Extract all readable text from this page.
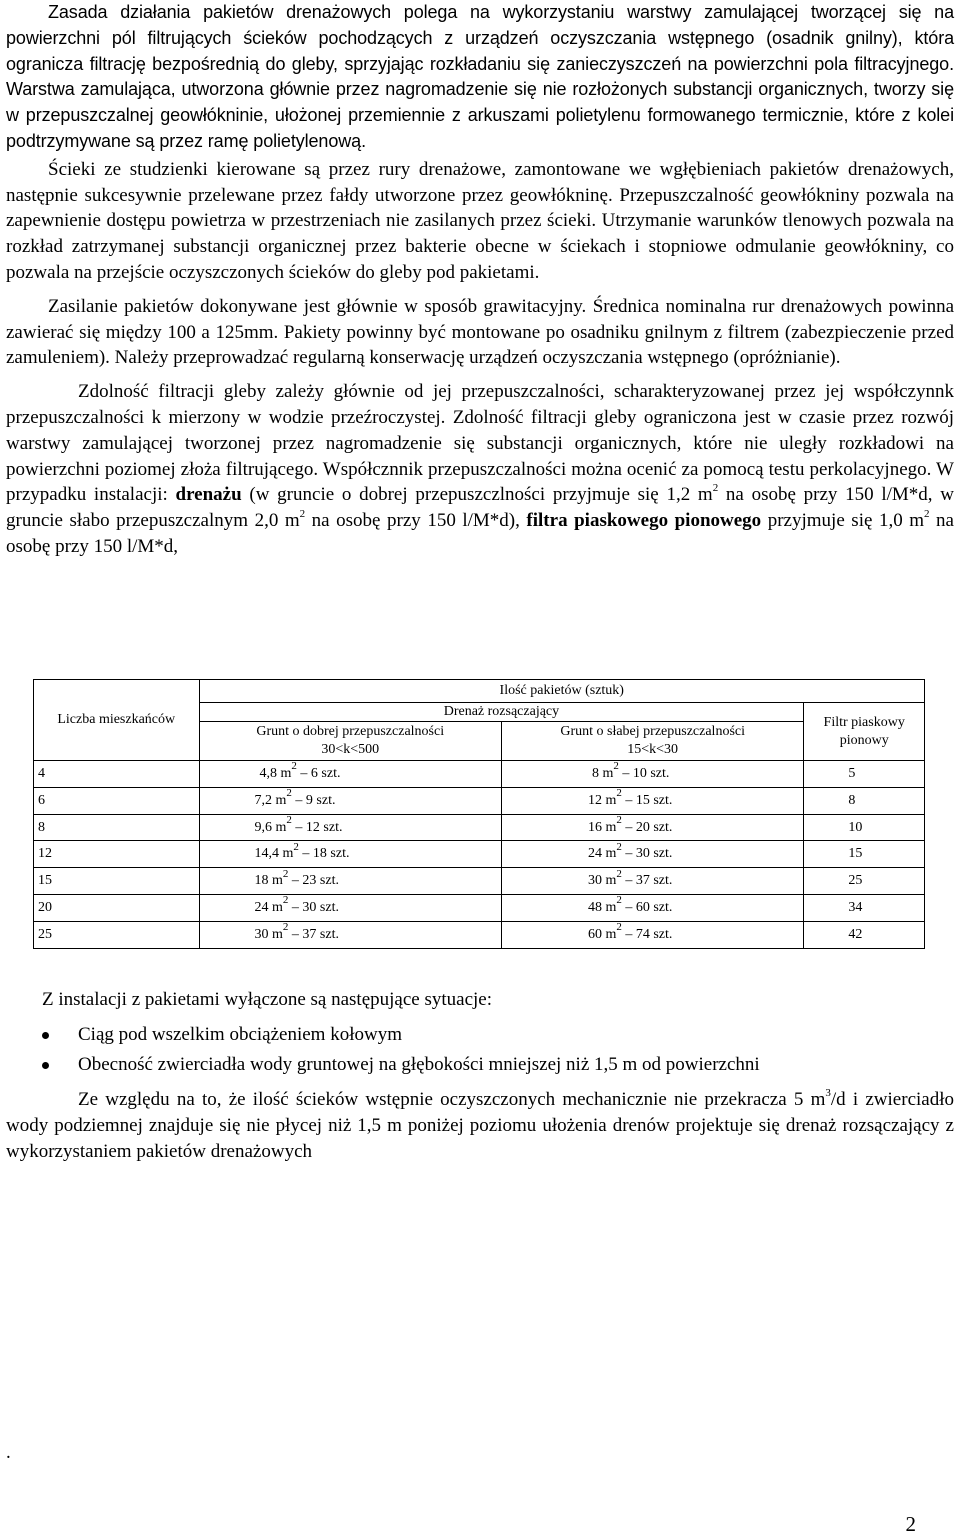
Zasada działania pakietów drenażowych polega na wykorzystaniu warstwy zamulającej tworzącej się na powierzchni pól filtrujących ścieków pochodzących z urządzeń oczyszczania wstępnego (osadnik gnilny), która ogranicza filtrację bezpośrednią do gleby, sprzyjając rozkładaniu się zanieczyszczeń na powierzchni pola filtracyjnego. Warstwa zamulająca, utworzona głównie przez nagromadzenie się nie rozłożonych substancji organicznych, tworzy się w przepuszczalnej geowłókninie, ułożonej przemiennie z arkuszami polietylenu formowanego termicznie, które z kolei podtrzymywane są przez ramę polietylenową.

Ścieki ze studzienki kierowane są przez rury drenażowe, zamontowane we wgłębieniach pakietów drenażowych, następnie sukcesywnie przelewane przez fałdy utworzone przez geowłókninę. Przepuszczalność geowłókniny pozwala na zapewnienie dostępu powietrza w przestrzeniach nie zasilanych przez ścieki. Utrzymanie warunków tlenowych pozwala na rozkład zatrzymanej substancji organicznej przez bakterie obecne w ściekach i stopniowe odmulanie geowłókniny, co pozwala na przejście oczyszczonych ścieków do gleby pod pakietami.

Zasilanie pakietów dokonywane jest głównie w sposób grawitacyjny. Średnica nominalna rur drenażowych powinna zawierać się między 100 a 125mm. Pakiety powinny być montowane po osadniku gnilnym z filtrem (zabezpieczenie przed zamuleniem). Należy przeprowadzać regularną konserwację urządzeń oczyszczania wstępnego (opróżnianie).

Zdolność filtracji gleby zależy głównie od jej przepuszczalności, scharakteryzowanej przez jej współczynnk przepuszczalności k mierzony w wodzie przeźroczystej. Zdolność filtracji gleby ograniczona jest w czasie przez rozwój warstwy zamulającej tworzonej przez nagromadzenie się substancji organicznych, które nie uległy rozkładowi na powierzchni poziomej złoża filtrującego. Współcznnik przepuszczalności można ocenić za pomocą testu perkolacyjnego. W przypadku instalacji: drenażu (w gruncie o dobrej przepuszczlności przyjmuje się 1,2 $m^2$ na osobę przy 150 l/M*d, w gruncie słabo przepuszczalnym 2,0 $m^2$ na osobę przy 150 l/M*d), filtra piaskowego pionowego przyjmuje się 1,0 $m^2$ na osobę przy 150 l/M*d,

Liczba mieszkańców	Ilość pakietów (sztuk)		
	Drenaż rozsączający		Filtr piaskowy pionowy
	Grunt o dobrej przepuszczalności	Grunt o słabej przepuszczalności	
	30<k<500	15<k<30	
4	4,8 $m^2 - 6$ szt.	8 $m^2 - 10$ szt.	5
6	7,2 $m^2 - 9$ szt.	12 $m^2 - 15$ szt.	8
8	9,6 $m^2 - 12$ szt.	16 $m^2 - 20$ szt.	10
12	14,4 $m^2 - 18$ szt.	24 $m^2 - 30$ szt.	15
15	18 $m^2 - 23$ szt.	30 $m^2 - 37$ szt.	25
20	24 $m^2 - 30$ szt.	48 $m^2 - 60$ szt.	34
25	30 $m^2 - 37$ szt.	60 $m^2 - 74$ szt.	42

Z instalacji z pakietami wyłączone są następujące sytuacje:

Ciąg pod wszelkim obciążeniem kołowym
Obecność zwierciadła wody gruntowej na głębokości mniejszej niż 1,5 m od powierzchni

Ze względu na to, że ilość ścieków wstępnie oczyszczonych mechanicznie nie przekracza 5 $m^3/d$ i zwierciadło wody podziemnej znajduje się nie płycej niż 1,5 m poniżej poziomu ułożenia drenów projektuje się drenaż rozsączający z wykorzystaniem pakietów drenażowych

.
2
